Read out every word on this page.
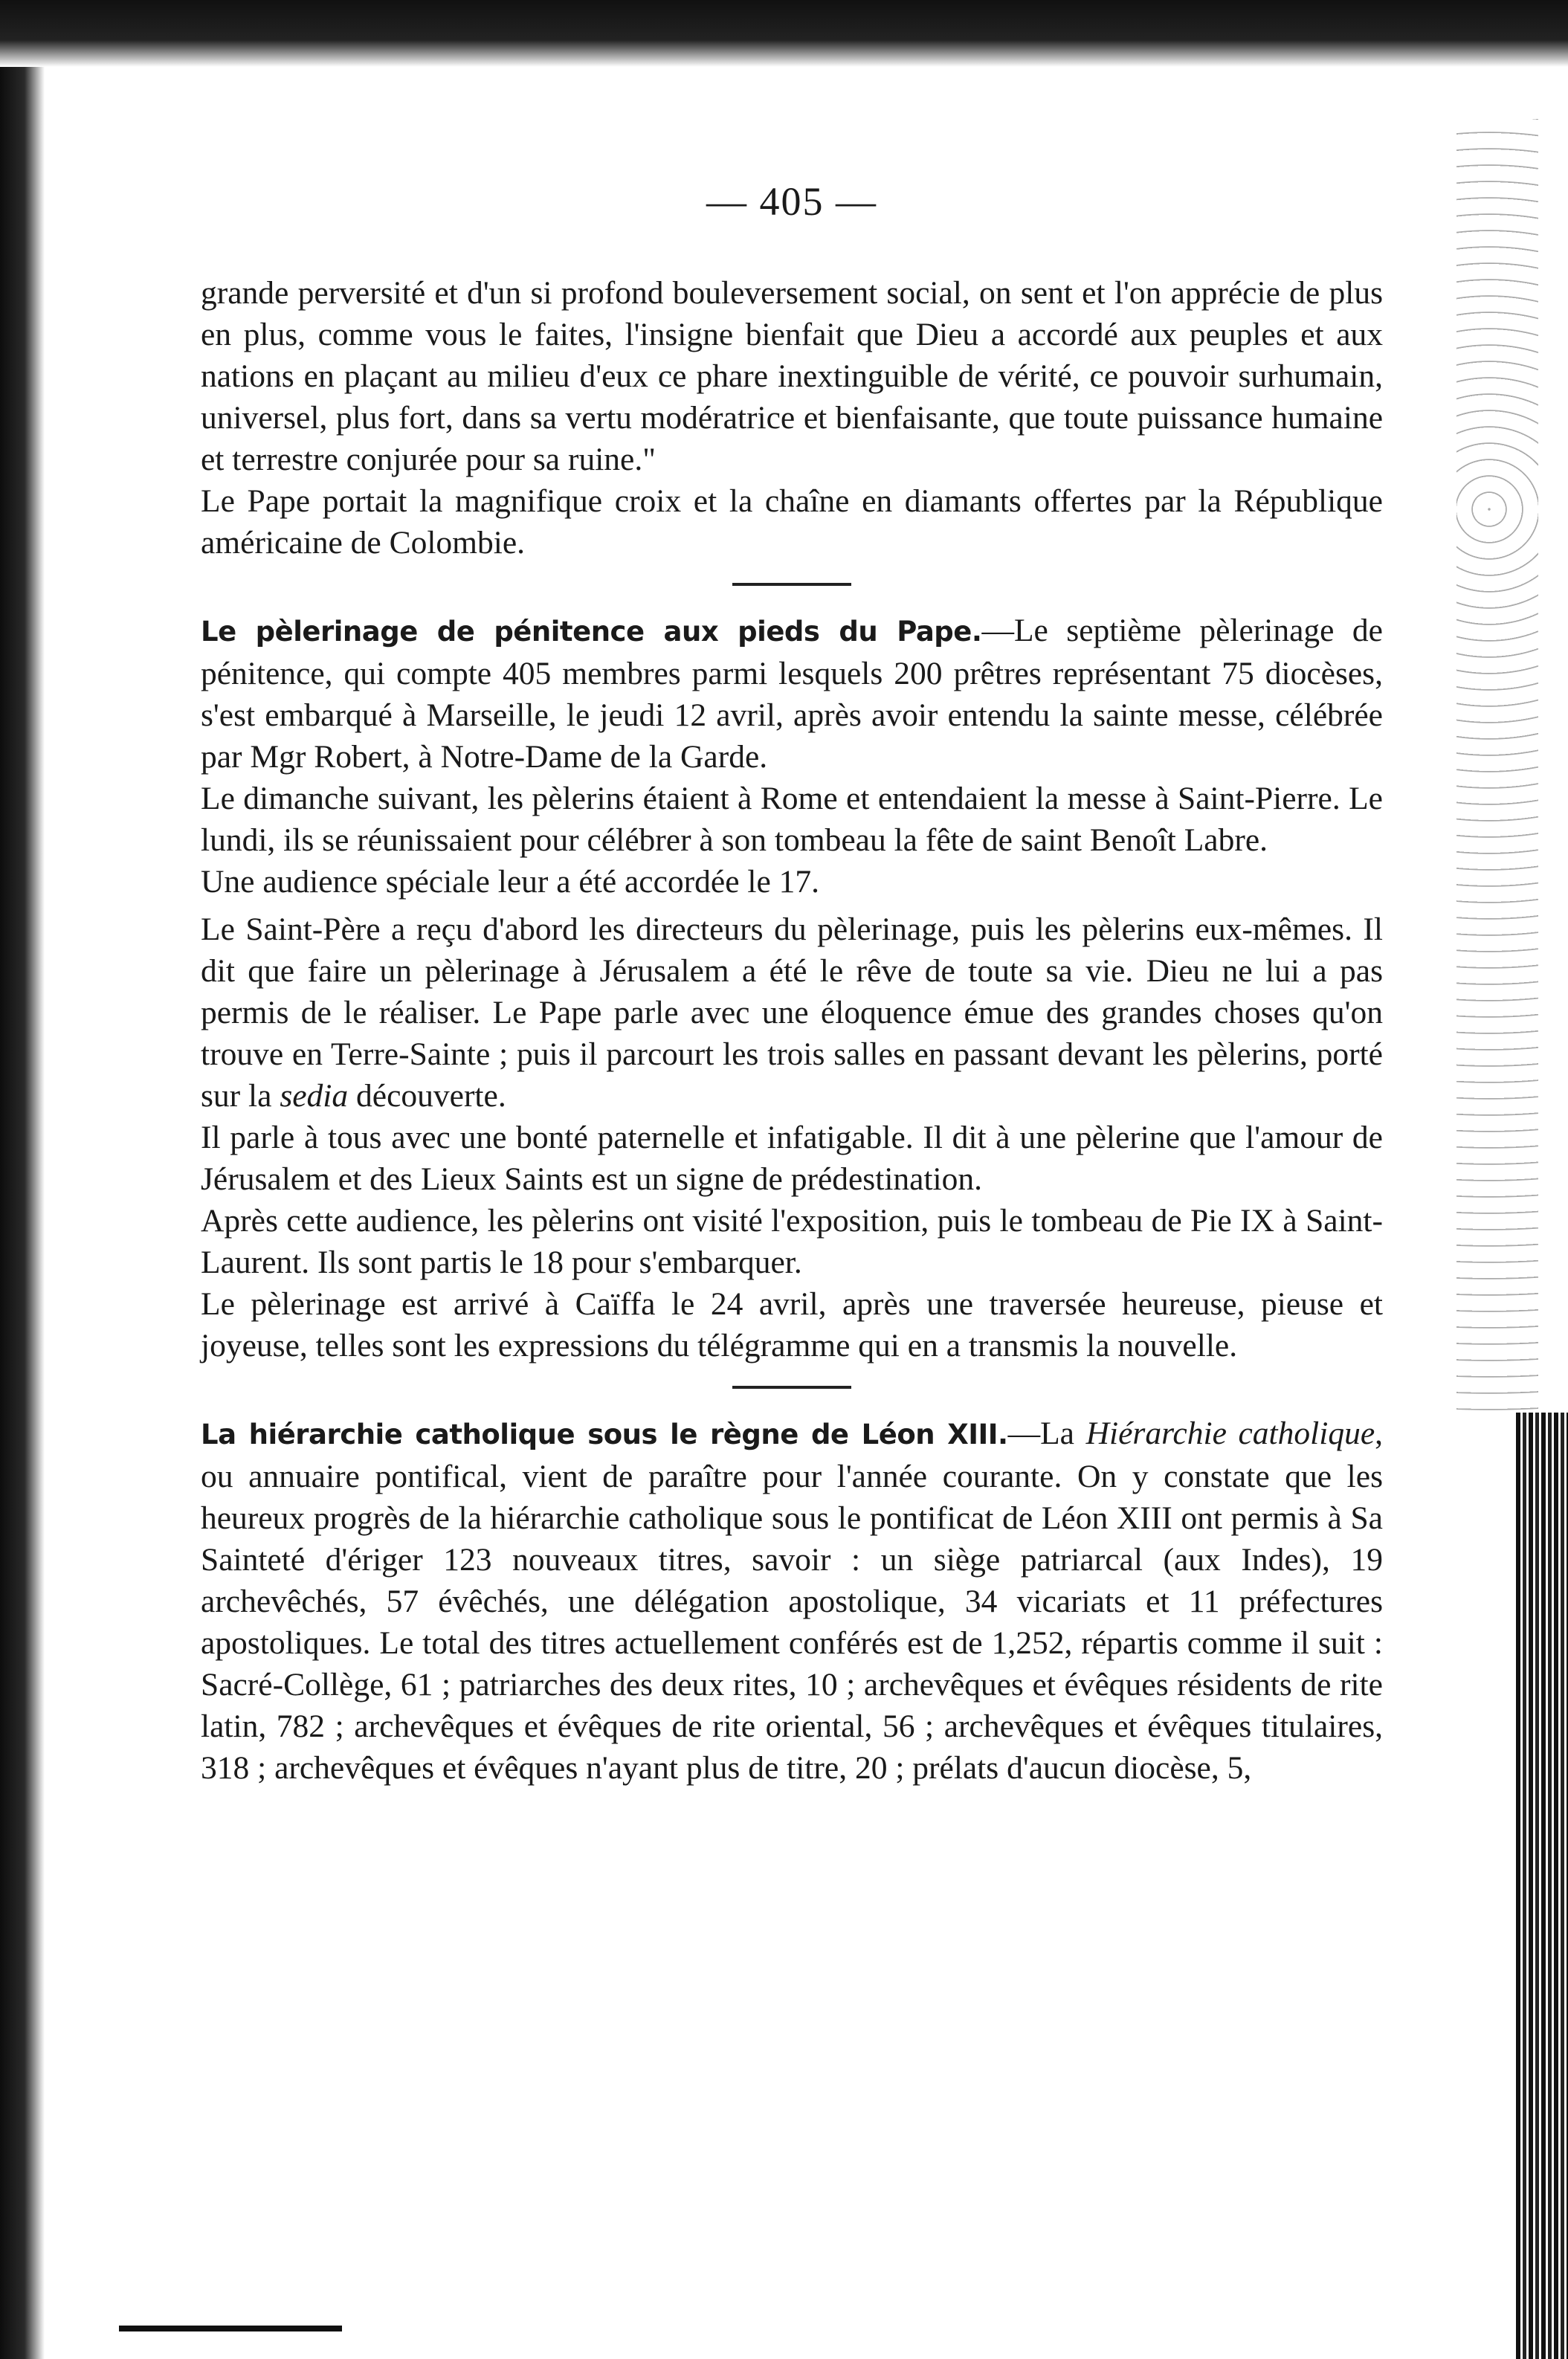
— 405 —

grande perversité et d'un si profond bouleversement social, on sent et l'on apprécie de plus en plus, comme vous le faites, l'insigne bienfait que Dieu a accordé aux peuples et aux nations en plaçant au milieu d'eux ce phare inextinguible de vérité, ce pouvoir surhumain, universel, plus fort, dans sa vertu modératrice et bienfaisante, que toute puissance humaine et terrestre conjurée pour sa ruine."

Le Pape portait la magnifique croix et la chaîne en diamants offertes par la République américaine de Colombie.

Le pèlerinage de pénitence aux pieds du Pape.—Le septième pèlerinage de pénitence, qui compte 405 membres parmi lesquels 200 prêtres représentant 75 diocèses, s'est embarqué à Marseille, le jeudi 12 avril, après avoir entendu la sainte messe, célébrée par Mgr Robert, à Notre-Dame de la Garde.

Le dimanche suivant, les pèlerins étaient à Rome et entendaient la messe à Saint-Pierre. Le lundi, ils se réunissaient pour célébrer à son tombeau la fête de saint Benoît Labre.

Une audience spéciale leur a été accordée le 17.

Le Saint-Père a reçu d'abord les directeurs du pèlerinage, puis les pèlerins eux-mêmes. Il dit que faire un pèlerinage à Jérusalem a été le rêve de toute sa vie. Dieu ne lui a pas permis de le réaliser. Le Pape parle avec une éloquence émue des grandes choses qu'on trouve en Terre-Sainte ; puis il parcourt les trois salles en passant devant les pèlerins, porté sur la sedia découverte.

Il parle à tous avec une bonté paternelle et infatigable. Il dit à une pèlerine que l'amour de Jérusalem et des Lieux Saints est un signe de prédestination.

Après cette audience, les pèlerins ont visité l'exposition, puis le tombeau de Pie IX à Saint-Laurent. Ils sont partis le 18 pour s'embarquer.

Le pèlerinage est arrivé à Caïffa le 24 avril, après une traversée heureuse, pieuse et joyeuse, telles sont les expressions du télégramme qui en a transmis la nouvelle.

La hiérarchie catholique sous le règne de Léon XIII.—La Hiérarchie catholique, ou annuaire pontifical, vient de paraître pour l'année courante. On y constate que les heureux progrès de la hiérarchie catholique sous le pontificat de Léon XIII ont permis à Sa Sainteté d'ériger 123 nouveaux titres, savoir : un siège patriarcal (aux Indes), 19 archevêchés, 57 évêchés, une délégation apostolique, 34 vicariats et 11 préfectures apostoliques. Le total des titres actuellement conférés est de 1,252, répartis comme il suit : Sacré-Collège, 61 ; patriarches des deux rites, 10 ; archevêques et évêques résidents de rite latin, 782 ; archevêques et évêques de rite oriental, 56 ; archevêques et évêques titulaires, 318 ; archevêques et évêques n'ayant plus de titre, 20 ; prélats d'aucun diocèse, 5,
